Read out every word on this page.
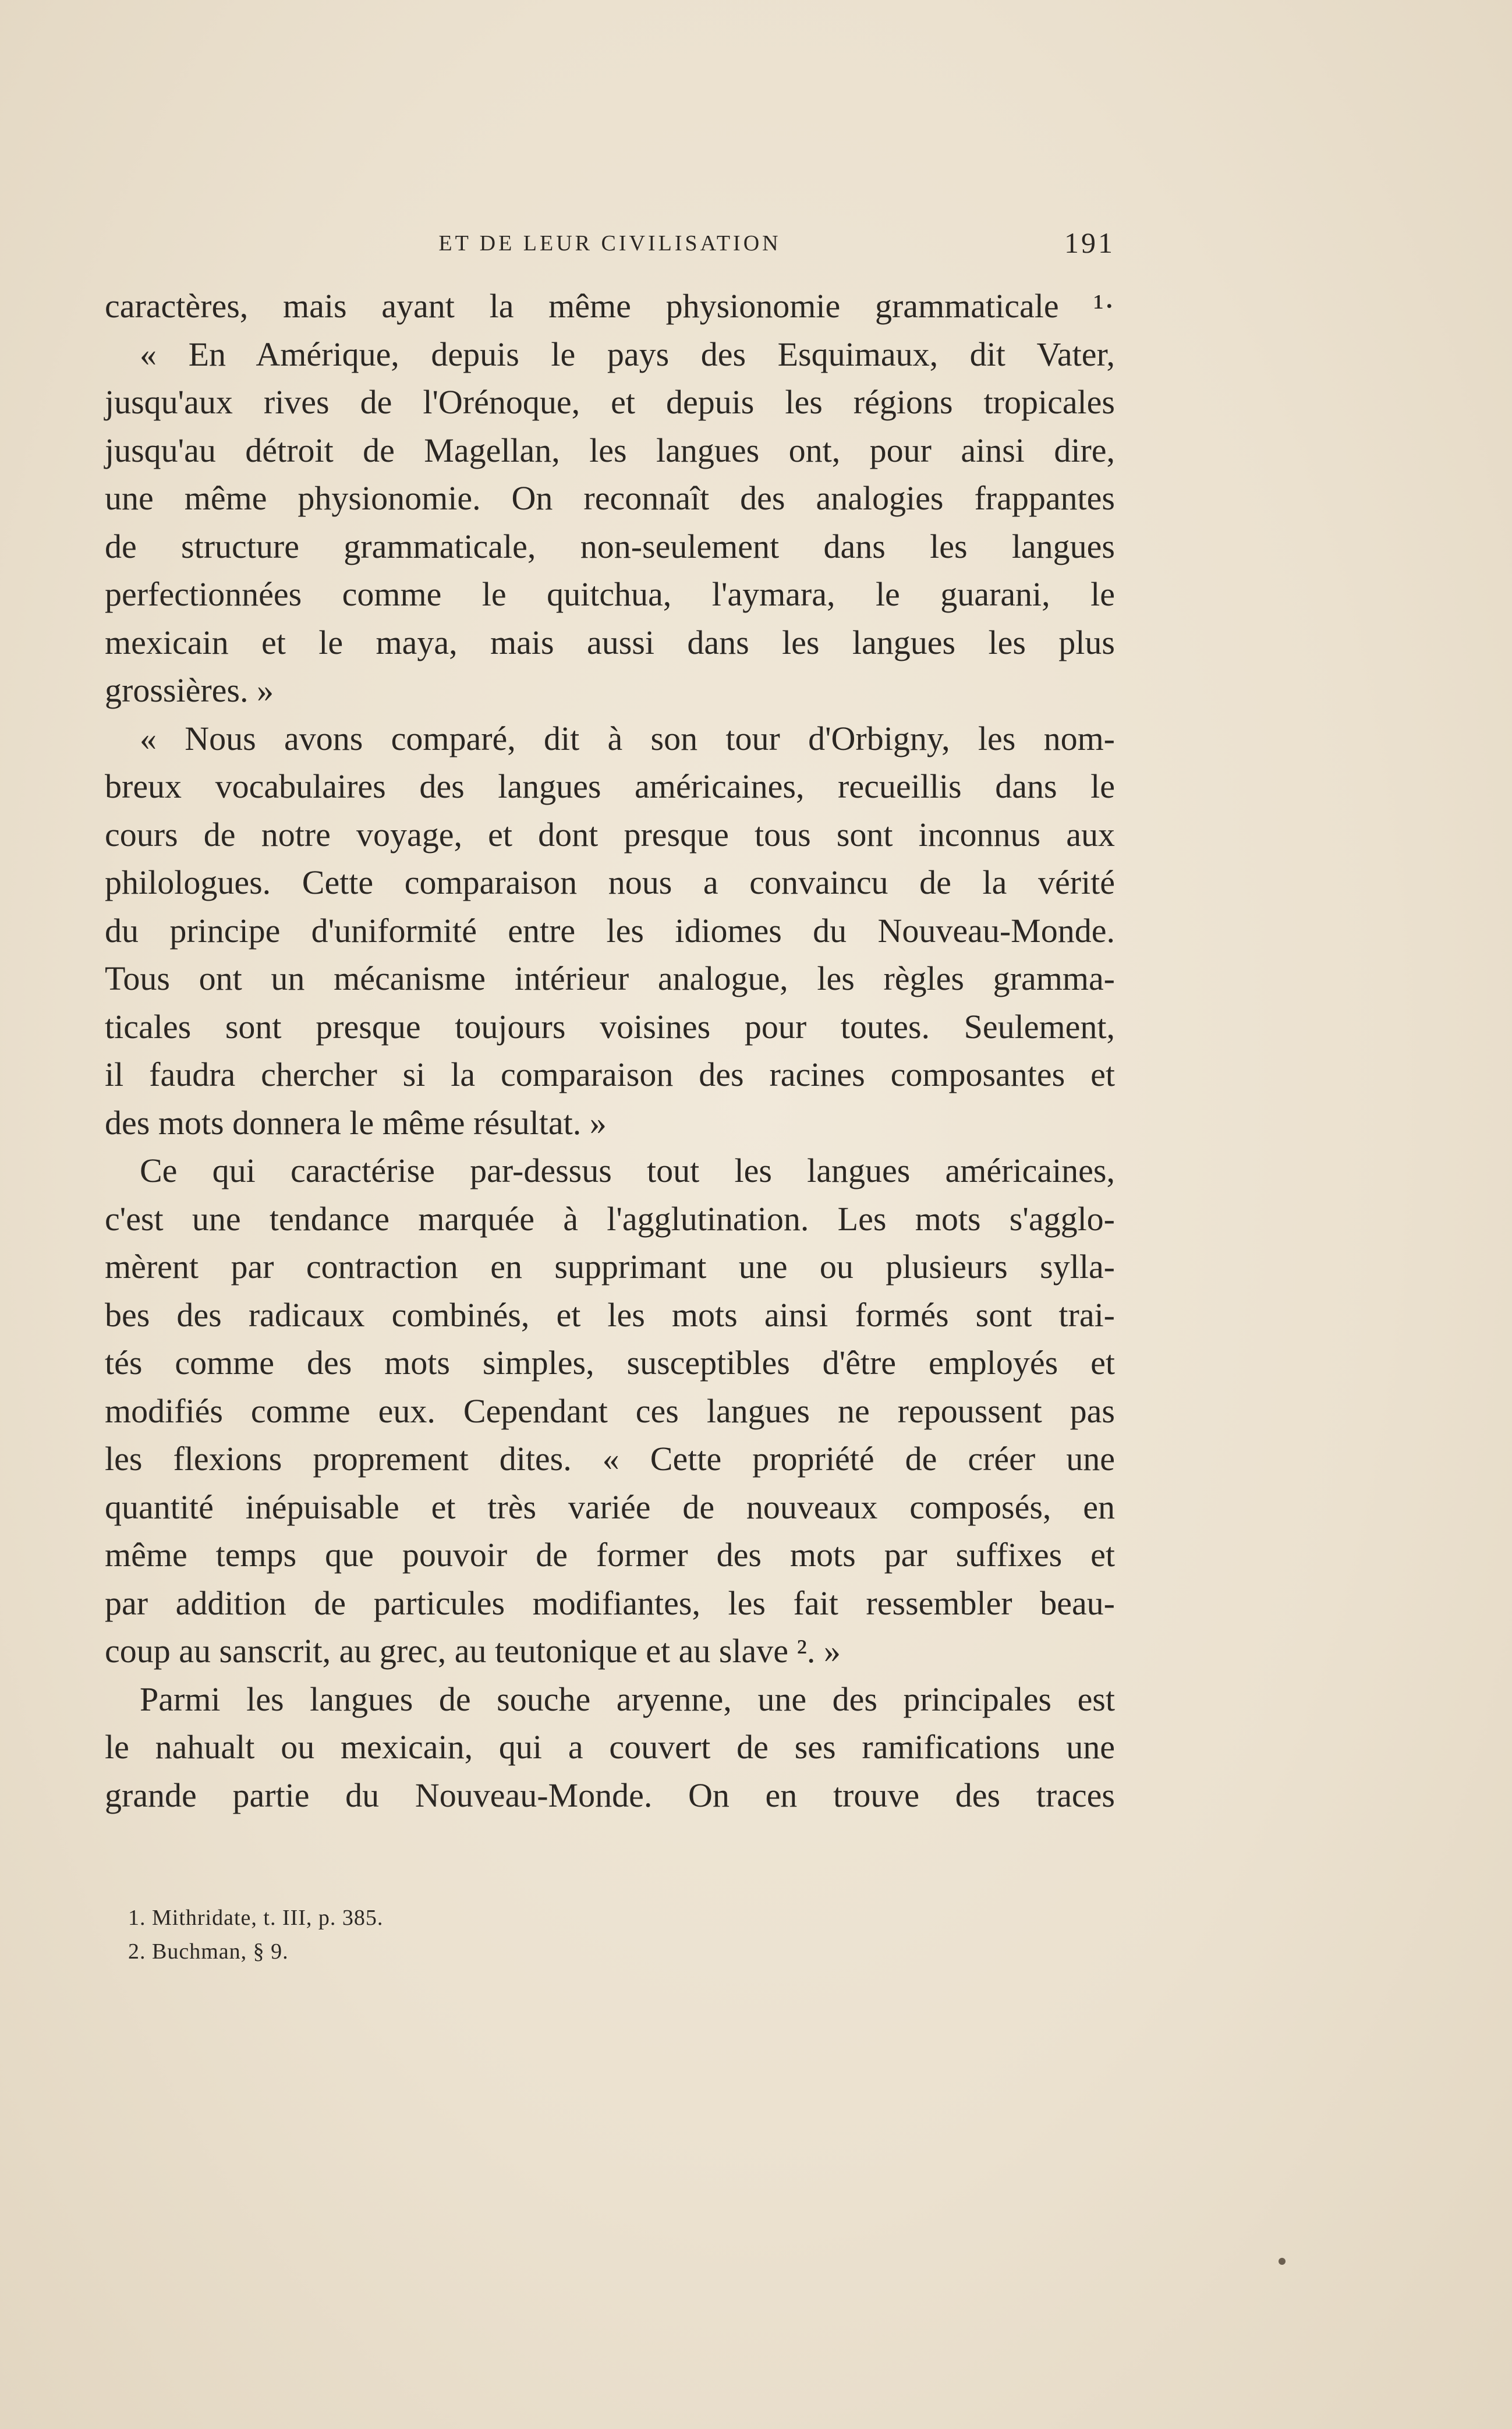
ET DE LEUR CIVILISATION	191
caractères, mais ayant la même physionomie grammaticale ¹·
« En Amérique, depuis le pays des Esquimaux, dit Vater,
jusqu'aux rives de l'Orénoque, et depuis les régions tropicales
jusqu'au détroit de Magellan, les langues ont, pour ainsi dire,
une même physionomie. On reconnaît des analogies frappantes
de structure grammaticale, non-seulement dans les langues
perfectionnées comme le quitchua, l'aymara, le guarani, le
mexicain et le maya, mais aussi dans les langues les plus
grossières. »
« Nous avons comparé, dit à son tour d'Orbigny, les nom-
breux vocabulaires des langues américaines, recueillis dans le
cours de notre voyage, et dont presque tous sont inconnus aux
philologues. Cette comparaison nous a convaincu de la vérité
du principe d'uniformité entre les idiomes du Nouveau-Monde.
Tous ont un mécanisme intérieur analogue, les règles gramma-
ticales sont presque toujours voisines pour toutes. Seulement,
il faudra chercher si la comparaison des racines composantes et
des mots donnera le même résultat. »
Ce qui caractérise par-dessus tout les langues américaines,
c'est une tendance marquée à l'agglutination. Les mots s'agglo-
mèrent par contraction en supprimant une ou plusieurs sylla-
bes des radicaux combinés, et les mots ainsi formés sont trai-
tés comme des mots simples, susceptibles d'être employés et
modifiés comme eux. Cependant ces langues ne repoussent pas
les flexions proprement dites. « Cette propriété de créer une
quantité inépuisable et très variée de nouveaux composés, en
même temps que pouvoir de former des mots par suffixes et
par addition de particules modifiantes, les fait ressembler beau-
coup au sanscrit, au grec, au teutonique et au slave ². »
Parmi les langues de souche aryenne, une des principales est
le nahualt ou mexicain, qui a couvert de ses ramifications une
grande partie du Nouveau-Monde. On en trouve des traces
1. Mithridate, t. III, p. 385.
2. Buchman, § 9.
